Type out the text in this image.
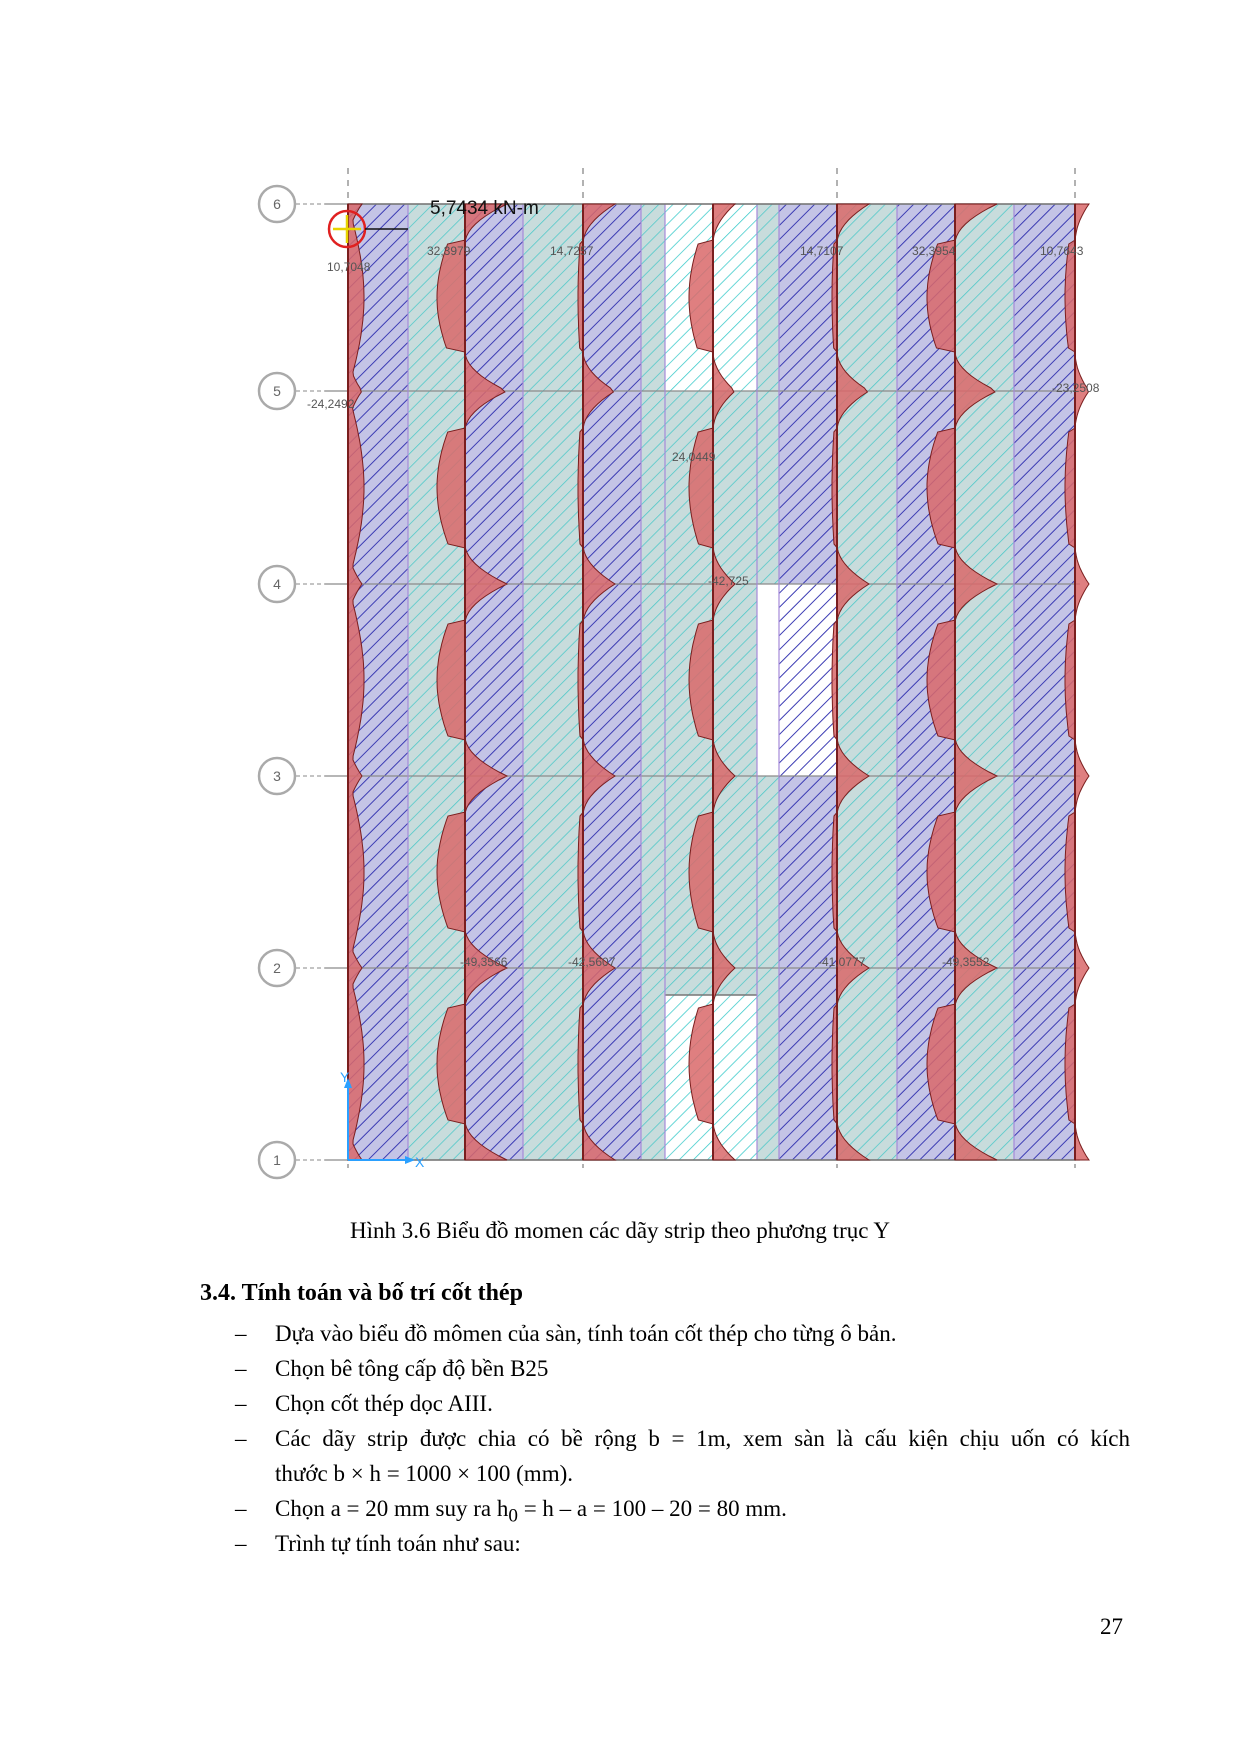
1
2
3
4
5
6
10,7048
32,3979	14,7257	14,7107	32,3954	10,7643
-24,2492
-23,2508
24,0449
-42,725
-49,3566	-42,5607	-41,0777	-49,3552
5,7434 kN-m
Y
X
Hình 3.6 Biểu đồ momen các dãy strip theo phương trục Y
3.4. Tính toán và bố trí cốt thép
– Dựa vào biểu đồ mômen của sàn, tính toán cốt thép cho từng ô bản.

– Chọn bê tông cấp độ bền B25

– Chọn cốt thép dọc AIII.

– Các dãy strip được chia có bề rộng b = 1m, xem sàn là cấu kiện chịu uốn có kích

thước b × h = 1000 × 100 (mm).

– Chọn a = 20 mm suy ra $h_0 = h - a = 100 - 20 = 80$ mm.

– Trình tự tính toán như sau:

27
